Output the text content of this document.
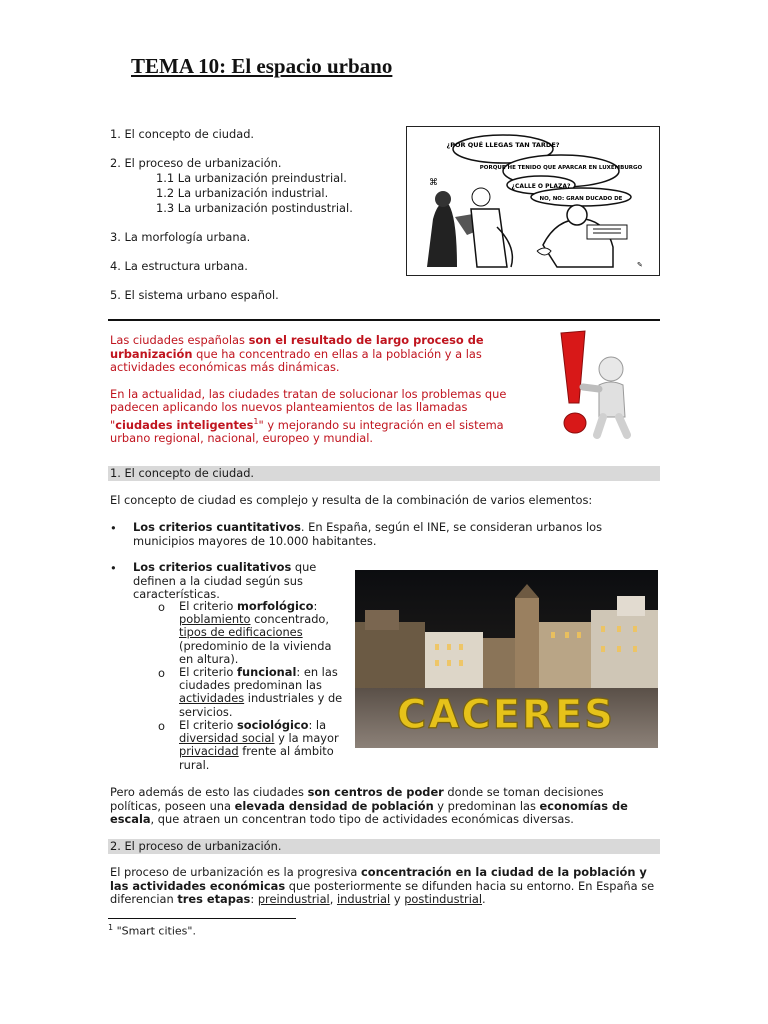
TEMA 10: El espacio urbano
1. El concepto de ciudad.
2. El proceso de urbanización.
1.1 La urbanización preindustrial.
1.2 La urbanización industrial.
1.3 La urbanización postindustrial.
3. La morfología urbana.
4. La estructura urbana.
5. El sistema urbano español.
¿POR QUÉ LLEGAS TAN TARDE?
PORQUE HE TENIDO QUE APARCAR EN LUXEMBURGO
¿CALLE O PLAZA?
NO, NO: GRAN DUCADO DE
⌘
✎

Las ciudades españolas son el resultado de largo proceso de urbanización que ha concentrado en ellas a la población y a las actividades económicas más dinámicas.

En la actualidad, las ciudades tratan de solucionar los problemas que padecen aplicando los nuevos planteamientos de las llamadas "ciudades inteligentes$^1$" y mejorando su integración en el sistema urbano regional, nacional, europeo y mundial.

1. El concepto de ciudad.
El concepto de ciudad es complejo y resulta de la combinación de varios elementos:
• Los criterios cuantitativos. En España, según el INE, se consideran urbanos los municipios mayores de 10.000 habitantes.
• Los criterios cualitativos que definen a la ciudad según sus características.
o El criterio morfológico: poblamiento concentrado, tipos de edificaciones (predominio de la vivienda en altura).
o El criterio funcional: en las ciudades predominan las actividades industriales y de servicios.
o El criterio sociológico: la diversidad social y la mayor privacidad frente al ámbito rural.
CACERES
Pero además de esto las ciudades son centros de poder donde se toman decisiones políticas, poseen una elevada densidad de población y predominan las economías de escala, que atraen un concentran todo tipo de actividades económicas diversas.
2. El proceso de urbanización.
El proceso de urbanización es la progresiva concentración en la ciudad de la población y las actividades económicas que posteriormente se difunden hacia su entorno. En España se diferencian tres etapas: preindustrial, industrial y postindustrial.
$^1$ "Smart cities".
